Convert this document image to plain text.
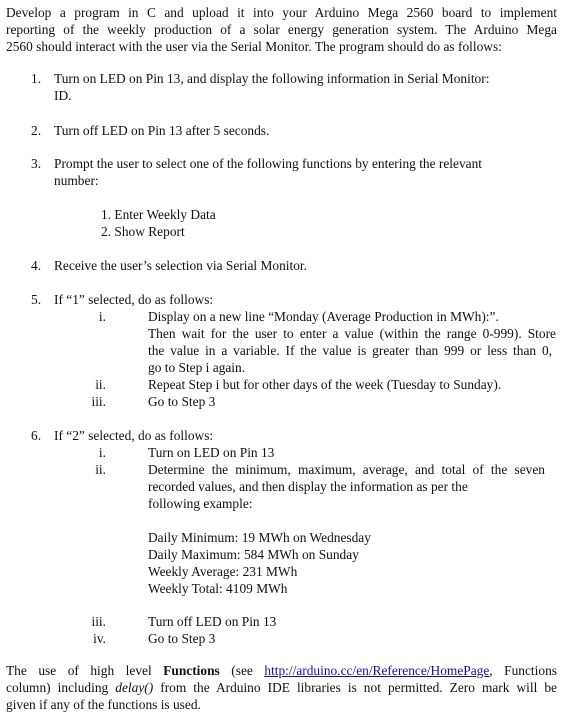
Develop a program in C and upload it into your Arduino Mega 2560 board to implement
reporting of the weekly production of a solar energy generation system. The Arduino Mega
2560 should interact with the user via the Serial Monitor. The program should do as follows:
1. Turn on LED on Pin 13, and display the following information in Serial Monitor:
ID.
2. Turn off LED on Pin 13 after 5 seconds.
3. Prompt the user to select one of the following functions by entering the relevant
number:
1. Enter Weekly Data
2. Show Report
4. Receive the user’s selection via Serial Monitor.
5. If “1” selected, do as follows:
i.	Display on a new line “Monday (Average Production in MWh):”.
Then wait for the user to enter a value (within the range 0-999). Store
the value in a variable. If the value is greater than 999 or less than 0,
go to Step i again.
ii.	Repeat Step i but for other days of the week (Tuesday to Sunday).
iii.	Go to Step 3
6. If “2” selected, do as follows:
i.	Turn on LED on Pin 13
ii.	Determine the minimum, maximum, average, and total of the seven
recorded values, and then display the information as per the
following example:
Daily Minimum: 19 MWh on Wednesday
Daily Maximum: 584 MWh on Sunday
Weekly Average: 231 MWh
Weekly Total: 4109 MWh
iii.	Turn off LED on Pin 13
iv.	Go to Step 3
The use of high level Functions (see http://arduino.cc/en/Reference/HomePage, Functions
column) including delay() from the Arduino IDE libraries is not permitted. Zero mark will be
given if any of the functions is used.
